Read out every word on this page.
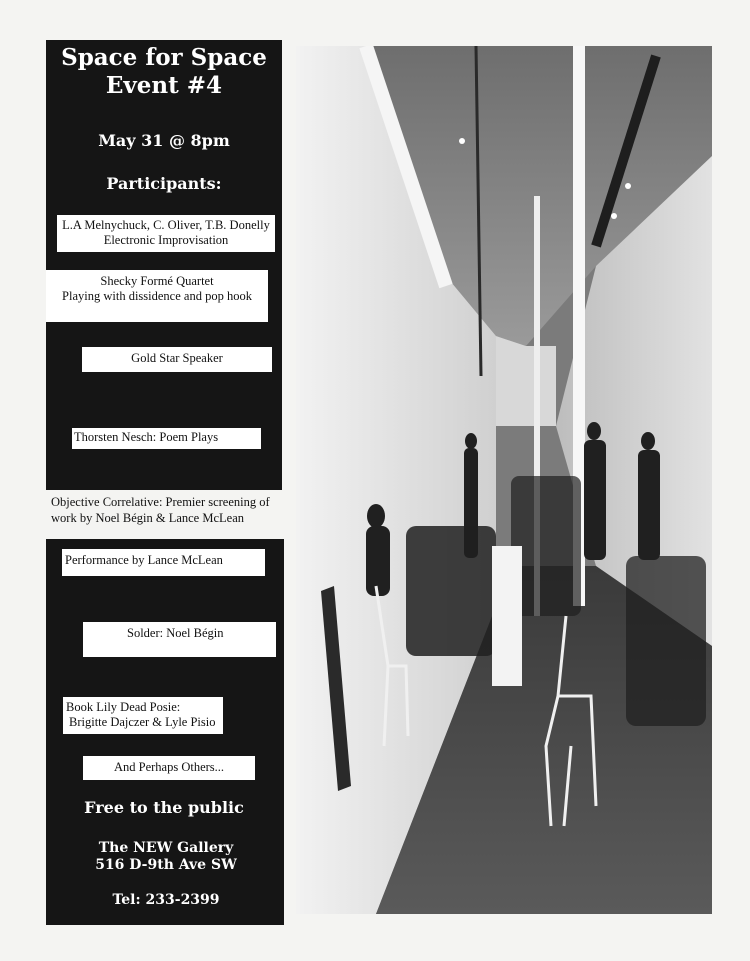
Space for Space
Event #4
May 31 @ 8pm
Participants:
L.A Melnychuck, C. Oliver, T.B. Donelly
Electronic Improvisation
Shecky Formé Quartet
Playing with dissidence and pop hook
Gold Star Speaker
Thorsten Nesch: Poem Plays
Objective Correlative: Premier screening of
work by Noel Bégin & Lance McLean
Performance by Lance McLean
Solder: Noel Bégin
Book Lily Dead Posie:
Brigitte Dajczer & Lyle Pisio
And Perhaps Others...
Free to the public
The NEW Gallery
516 D-9th Ave SW
Tel: 233-2399
